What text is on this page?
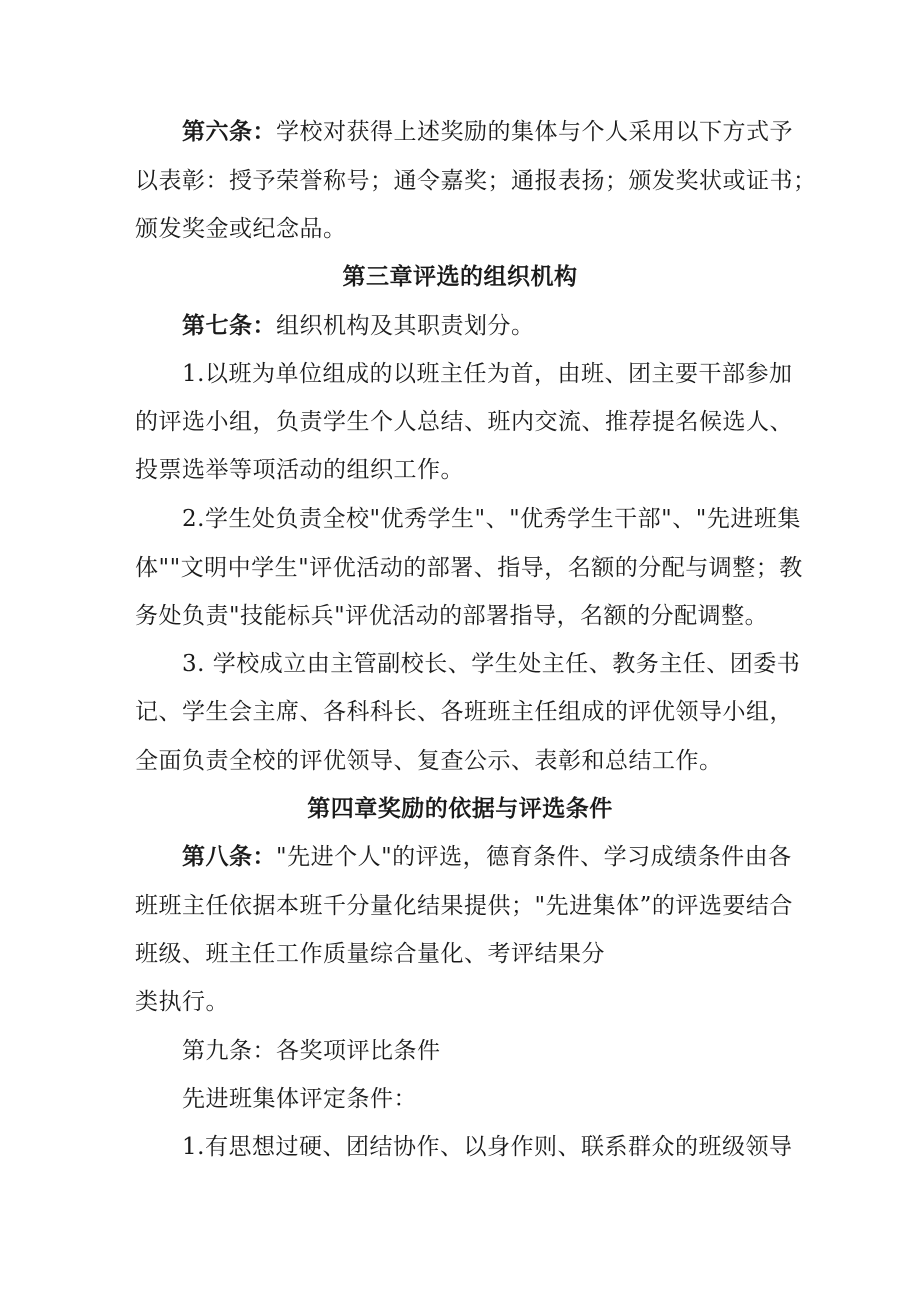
第六条：学校对获得上述奖励的集体与个人采用以下方式予
以表彰：授予荣誉称号；通令嘉奖；通报表扬；颁发奖状或证书；
颁发奖金或纪念品。
第三章评选的组织机构
第七条：组织机构及其职责划分。
1.以班为单位组成的以班主任为首，由班、团主要干部参加
的评选小组，负责学生个人总结、班内交流、推荐提名候选人、
投票选举等项活动的组织工作。
2.学生处负责全校"优秀学生"、"优秀学生干部"、"先进班集
体""文明中学生"评优活动的部署、指导，名额的分配与调整；教
务处负责"技能标兵"评优活动的部署指导，名额的分配调整。
3. 学校成立由主管副校长、学生处主任、教务主任、团委书
记、学生会主席、各科科长、各班班主任组成的评优领导小组，
全面负责全校的评优领导、复查公示、表彰和总结工作。
第四章奖励的依据与评选条件
第八条："先进个人"的评选，德育条件、学习成绩条件由各
班班主任依据本班千分量化结果提供；"先进集体”的评选要结合
班级、班主任工作质量综合量化、考评结果分
类执行。
第九条：各奖项评比条件
先进班集体评定条件：
1.有思想过硬、团结协作、以身作则、联系群众的班级领导
